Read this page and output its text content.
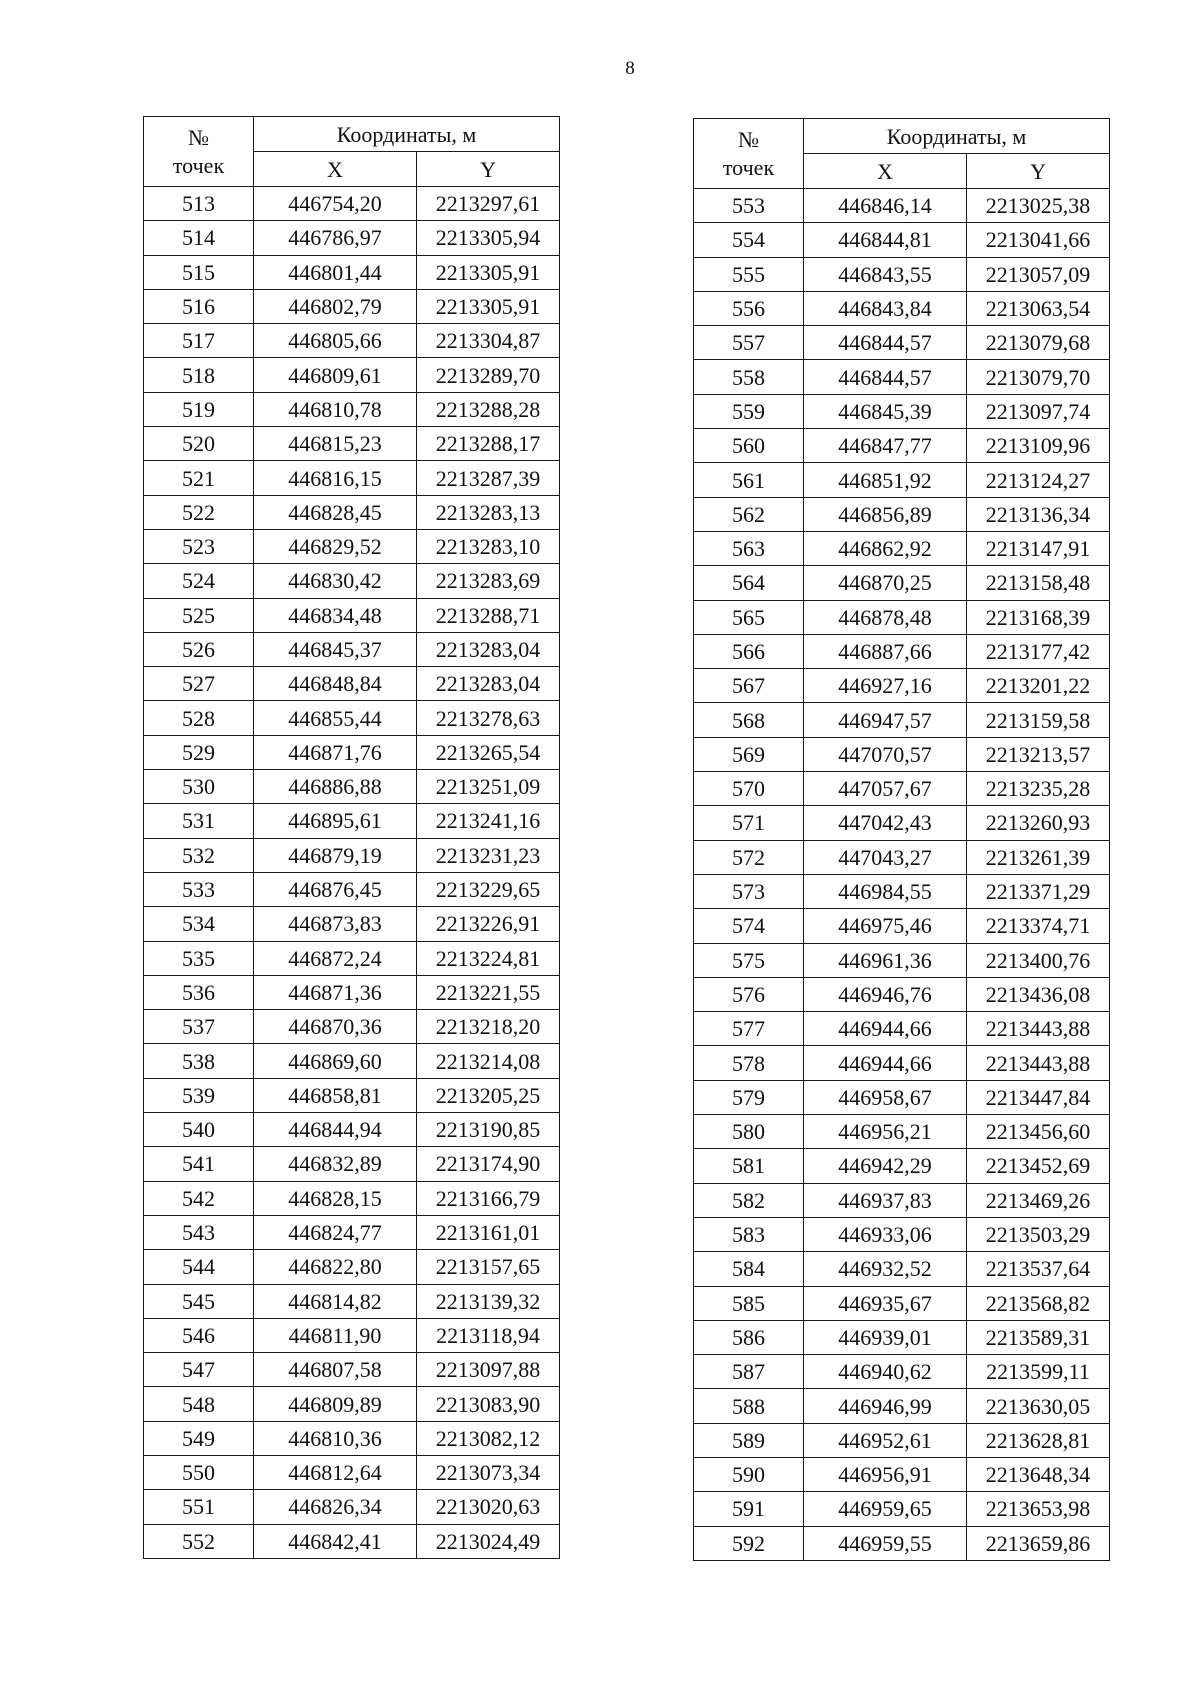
8
№
точек	Координаты, м	
	X	Y
513	446754,20	2213297,61
514	446786,97	2213305,94
515	446801,44	2213305,91
516	446802,79	2213305,91
517	446805,66	2213304,87
518	446809,61	2213289,70
519	446810,78	2213288,28
520	446815,23	2213288,17
521	446816,15	2213287,39
522	446828,45	2213283,13
523	446829,52	2213283,10
524	446830,42	2213283,69
525	446834,48	2213288,71
526	446845,37	2213283,04
527	446848,84	2213283,04
528	446855,44	2213278,63
529	446871,76	2213265,54
530	446886,88	2213251,09
531	446895,61	2213241,16
532	446879,19	2213231,23
533	446876,45	2213229,65
534	446873,83	2213226,91
535	446872,24	2213224,81
536	446871,36	2213221,55
537	446870,36	2213218,20
538	446869,60	2213214,08
539	446858,81	2213205,25
540	446844,94	2213190,85
541	446832,89	2213174,90
542	446828,15	2213166,79
543	446824,77	2213161,01
544	446822,80	2213157,65
545	446814,82	2213139,32
546	446811,90	2213118,94
547	446807,58	2213097,88
548	446809,89	2213083,90
549	446810,36	2213082,12
550	446812,64	2213073,34
551	446826,34	2213020,63
552	446842,41	2213024,49
№
точек	Координаты, м	
	X	Y
553	446846,14	2213025,38
554	446844,81	2213041,66
555	446843,55	2213057,09
556	446843,84	2213063,54
557	446844,57	2213079,68
558	446844,57	2213079,70
559	446845,39	2213097,74
560	446847,77	2213109,96
561	446851,92	2213124,27
562	446856,89	2213136,34
563	446862,92	2213147,91
564	446870,25	2213158,48
565	446878,48	2213168,39
566	446887,66	2213177,42
567	446927,16	2213201,22
568	446947,57	2213159,58
569	447070,57	2213213,57
570	447057,67	2213235,28
571	447042,43	2213260,93
572	447043,27	2213261,39
573	446984,55	2213371,29
574	446975,46	2213374,71
575	446961,36	2213400,76
576	446946,76	2213436,08
577	446944,66	2213443,88
578	446944,66	2213443,88
579	446958,67	2213447,84
580	446956,21	2213456,60
581	446942,29	2213452,69
582	446937,83	2213469,26
583	446933,06	2213503,29
584	446932,52	2213537,64
585	446935,67	2213568,82
586	446939,01	2213589,31
587	446940,62	2213599,11
588	446946,99	2213630,05
589	446952,61	2213628,81
590	446956,91	2213648,34
591	446959,65	2213653,98
592	446959,55	2213659,86
